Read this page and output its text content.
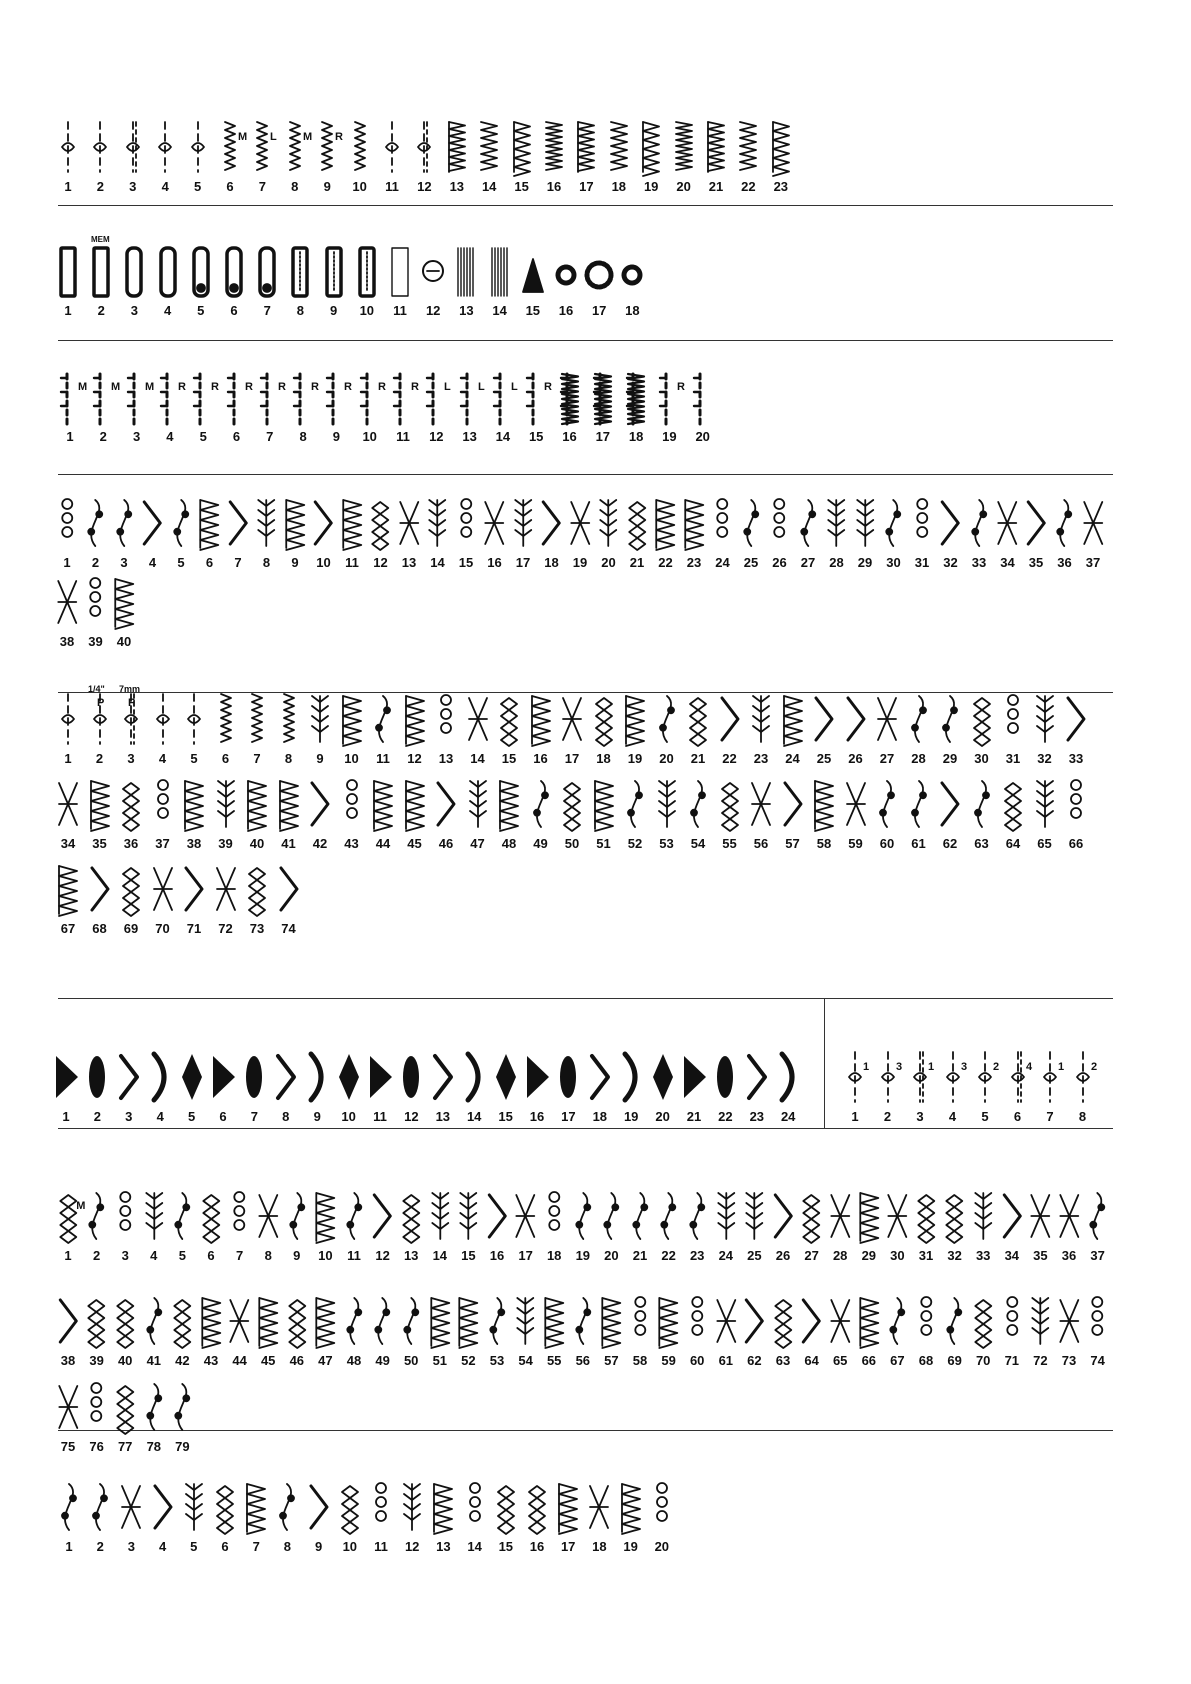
1	2	3	4	5
M
6
L
7
M
8
R
9	10	11	12	13	14	15	16	17	18	19	20	21	22	23
1
MEM
2	3	4	5	6	7	8	9	10	11	12	13	14	15	16	17	18
M
1
M
2
M
3
R
4
R
5
R
6
R
7
R
8
R
9
R
10
R
11
L
12
L
13
L
14
R
15	16	17	18
R
19	20
1	2	3	4	5	6	7	8	9	10	11	12	13	14	15	16	17	18	19	20	21	22	23	24	25	26	27	28	29	30	31	32	33	34	35	36	37
38	39	40
1
P
1/4"
2
P
7mm
3	4	5	6	7	8	9	10	11	12	13	14	15	16	17	18	19	20	21	22	23	24	25	26	27	28	29	30	31	32	33
34	35	36	37	38	39	40	41	42	43	44	45	46	47	48	49	50	51	52	53	54	55	56	57	58	59	60	61	62	63	64	65	66
67	68	69	70	71	72	73	74
1	2	3	4	5	6	7	8	9	10	11	12	13	14	15	16	17	18	19	20	21	22	23	24
1
1
3
2
1
3
3
4
2
5
4
6
1
7
2
8
M
1	2	3	4	5	6	7	8	9	10	11	12	13	14	15	16	17	18	19	20	21	22	23	24	25	26	27	28	29	30	31	32	33	34	35	36	37
38	39	40	41	42	43	44	45	46	47	48	49	50	51	52	53	54	55	56	57	58	59	60	61	62	63	64	65	66	67	68	69	70	71	72	73	74
75	76	77	78	79
1	2	3	4	5	6	7	8	9	10	11	12	13	14	15	16	17	18	19	20
